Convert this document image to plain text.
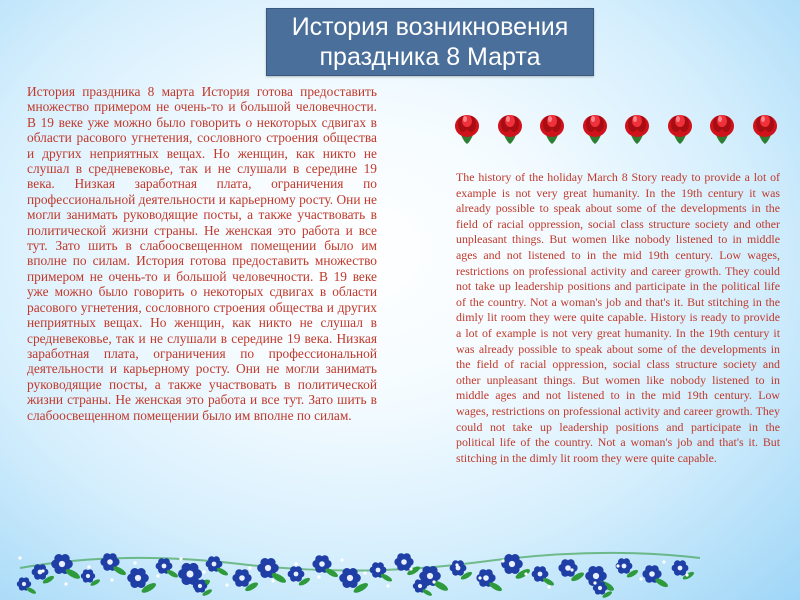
История возникновения
праздника 8 Марта

История праздника 8 марта История готова предоставить множество примером не очень-то и большой человечности. В 19 веке уже можно было говорить о некоторых сдвигах в области расового угнетения, сословного строения общества и других неприятных вещах. Но женщин, как никто не слушал в средневековье, так и не слушали в середине 19 века. Низкая заработная плата, ограничения по профессиональной деятельности и карьерному росту. Они не могли занимать руководящие посты, а также участвовать в политической жизни страны. Не женская это работа и все тут. Зато шить в слабоосвещенном помещении было им вполне по силам. История готова предоставить множество примером не очень-то и большой человечности. В 19 веке уже можно было говорить о некоторых сдвигах в области расового угнетения, сословного строения общества и других неприятных вещах. Но женщин, как никто не слушал в средневековье, так и не слушали в середине 19 века. Низкая заработная плата, ограничения по профессиональной деятельности и карьерному росту. Они не могли занимать руководящие посты, а также участвовать в политической жизни страны. Не женская это работа и все тут. Зато шить в слабоосвещенном помещении было им вполне по силам.

The history of the holiday March 8 Story ready to provide a lot of example is not very great humanity. In the 19th century it was already possible to speak about some of the developments in the field of racial oppression, social class structure society and other unpleasant things. But women like nobody listened to in middle ages and not listened to in the mid 19th century. Low wages, restrictions on professional activity and career growth. They could not take up leadership positions and participate in the political life of the country. Not a woman's job and that's it. But stitching in the dimly lit room they were quite capable. History is ready to provide a lot of example is not very great humanity. In the 19th century it was already possible to speak about some of the developments in the field of racial oppression, social class structure society and other unpleasant things. But women like nobody listened to in middle ages and not listened to in the mid 19th century. Low wages, restrictions on professional activity and career growth. They could not take up leadership positions and participate in the political life of the country. Not a woman's job and that's it. But stitching in the dimly lit room they were quite capable.
